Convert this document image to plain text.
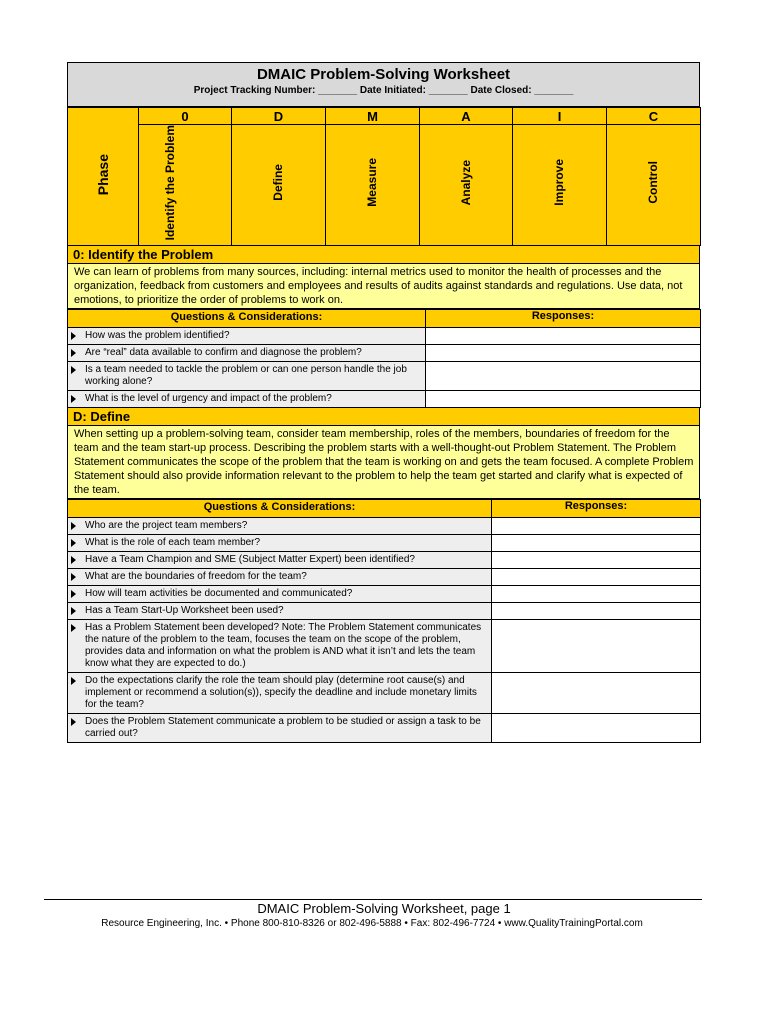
DMAIC Problem-Solving Worksheet
Project Tracking Number: _______ Date Initiated: _______ Date Closed: _______
Phase	0	D	M	A	I	C
	Identify the Problem	Define	Measure	Analyze	Improve	Control
0: Identify the Problem
We can learn of problems from many sources, including: internal metrics used to monitor the health of processes and the organization, feedback from customers and employees and results of audits against standards and regulations. Use data, not emotions, to prioritize the order of problems to work on.
Questions & Considerations:	Responses:

How was the problem identified?	

Are “real” data available to confirm and diagnose the problem?	

Is a team needed to tackle the problem or can one person handle the job working alone?	

What is the level of urgency and impact of the problem?	

D: Define
When setting up a problem-solving team, consider team membership, roles of the members, boundaries of freedom for the team and the team start-up process. Describing the problem starts with a well-thought-out Problem Statement. The Problem Statement communicates the scope of the problem that the team is working on and gets the team focused. A complete Problem Statement should also provide information relevant to the problem to help the team get started and clarify what is expected of the team.
Questions & Considerations:	Responses:

Who are the project team members?	

What is the role of each team member?	

Have a Team Champion and SME (Subject Matter Expert) been identified?	

What are the boundaries of freedom for the team?	

How will team activities be documented and communicated?	

Has a Team Start-Up Worksheet been used?	

Has a Problem Statement been developed? Note: The Problem Statement communicates the nature of the problem to the team, focuses the team on the scope of the problem, provides data and information on what the problem is AND what it isn’t and lets the team know what they are expected to do.)	

Do the expectations clarify the role the team should play (determine root cause(s) and implement or recommend a solution(s)), specify the deadline and include monetary limits for the team?	

Does the Problem Statement communicate a problem to be studied or assign a task to be carried out?	

DMAIC Problem-Solving Worksheet, page 1
Resource Engineering, Inc. • Phone 800-810-8326 or 802-496-5888 • Fax: 802-496-7724 • www.QualityTrainingPortal.com
